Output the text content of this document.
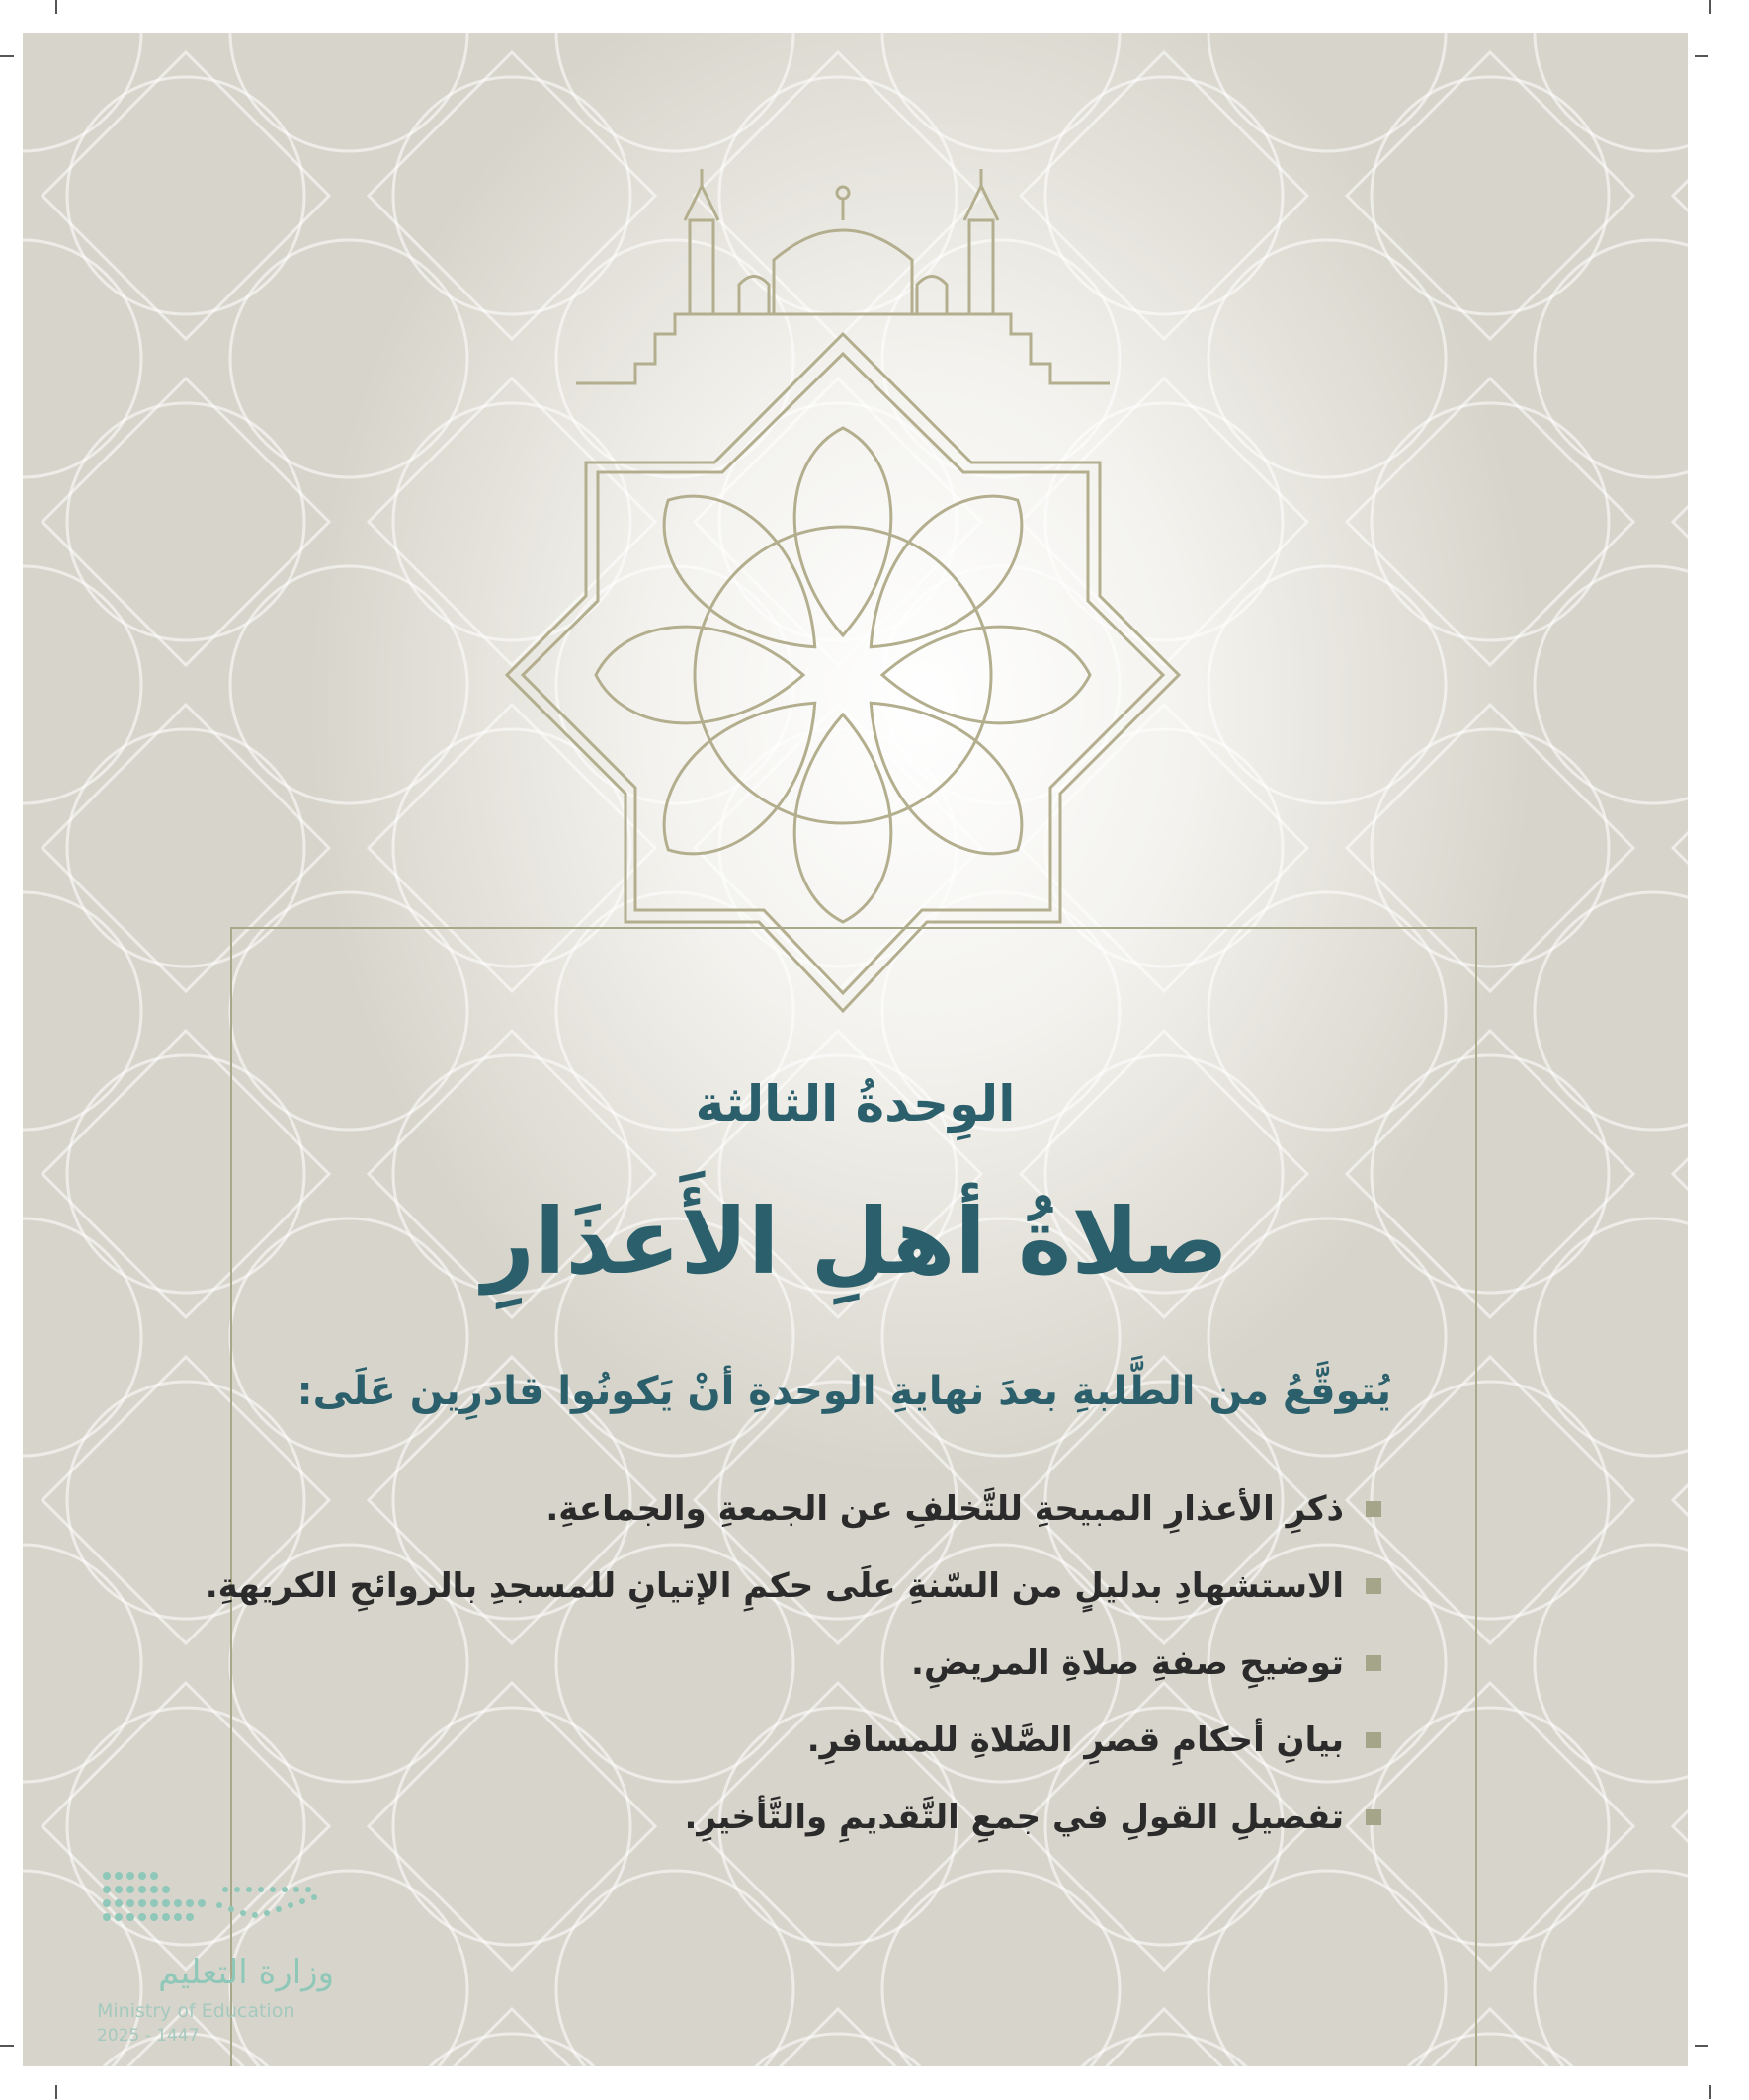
الوِحدةُ الثالثة
صلاةُ أهلِ الأَعذَارِ

يُتوقَّعُ من الطَّلبةِ بعدَ نهايةِ الوحدةِ أنْ يَكونُوا قادرِين عَلَى:

ذكرِ الأعذارِ المبيحةِ للتَّخلفِ عن الجمعةِ والجماعةِ.
الاستشهادِ بدليلٍ من السّنةِ علَى حكمِ الإتيانِ للمسجدِ بالروائحِ الكريهةِ.
توضيحِ صفةِ صلاةِ المريضِ.
بيانِ أحكامِ قصرِ الصَّلاةِ للمسافرِ.
تفصيلِ القولِ في جمعِ التَّقديمِ والتَّأخيرِ.

وزارة التعليم

Ministry of Education

2025 - 1447
